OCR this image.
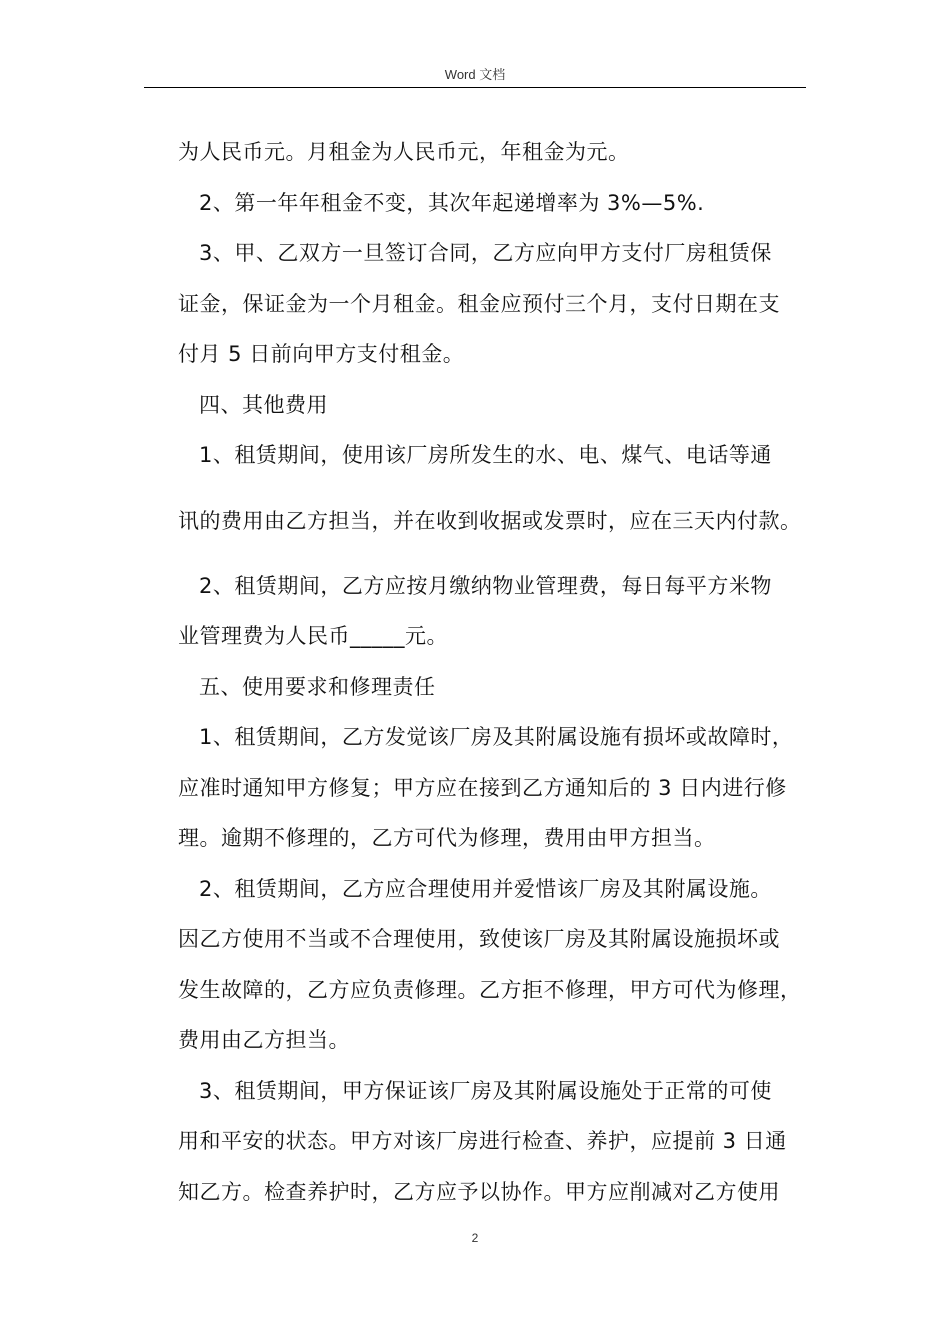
Word 文档
为人民币元。月租金为人民币元，年租金为元。
2、第一年年租金不变，其次年起递增率为 3%—5%.
3、甲、乙双方一旦签订合同，乙方应向甲方支付厂房租赁保
证金，保证金为一个月租金。租金应预付三个月，支付日期在支
付月 5 日前向甲方支付租金。
四、其他费用
1、租赁期间，使用该厂房所发生的水、电、煤气、电话等通
讯的费用由乙方担当，并在收到收据或发票时，应在三天内付款。
2、租赁期间，乙方应按月缴纳物业管理费，每日每平方米物
业管理费为人民币_____元。
五、使用要求和修理责任
1、租赁期间，乙方发觉该厂房及其附属设施有损坏或故障时，
应准时通知甲方修复；甲方应在接到乙方通知后的 3 日内进行修
理。逾期不修理的，乙方可代为修理，费用由甲方担当。
2、租赁期间，乙方应合理使用并爱惜该厂房及其附属设施。
因乙方使用不当或不合理使用，致使该厂房及其附属设施损坏或
发生故障的，乙方应负责修理。乙方拒不修理，甲方可代为修理，
费用由乙方担当。
3、租赁期间，甲方保证该厂房及其附属设施处于正常的可使
用和平安的状态。甲方对该厂房进行检查、养护，应提前 3 日通
知乙方。检查养护时，乙方应予以协作。甲方应削减对乙方使用
2
